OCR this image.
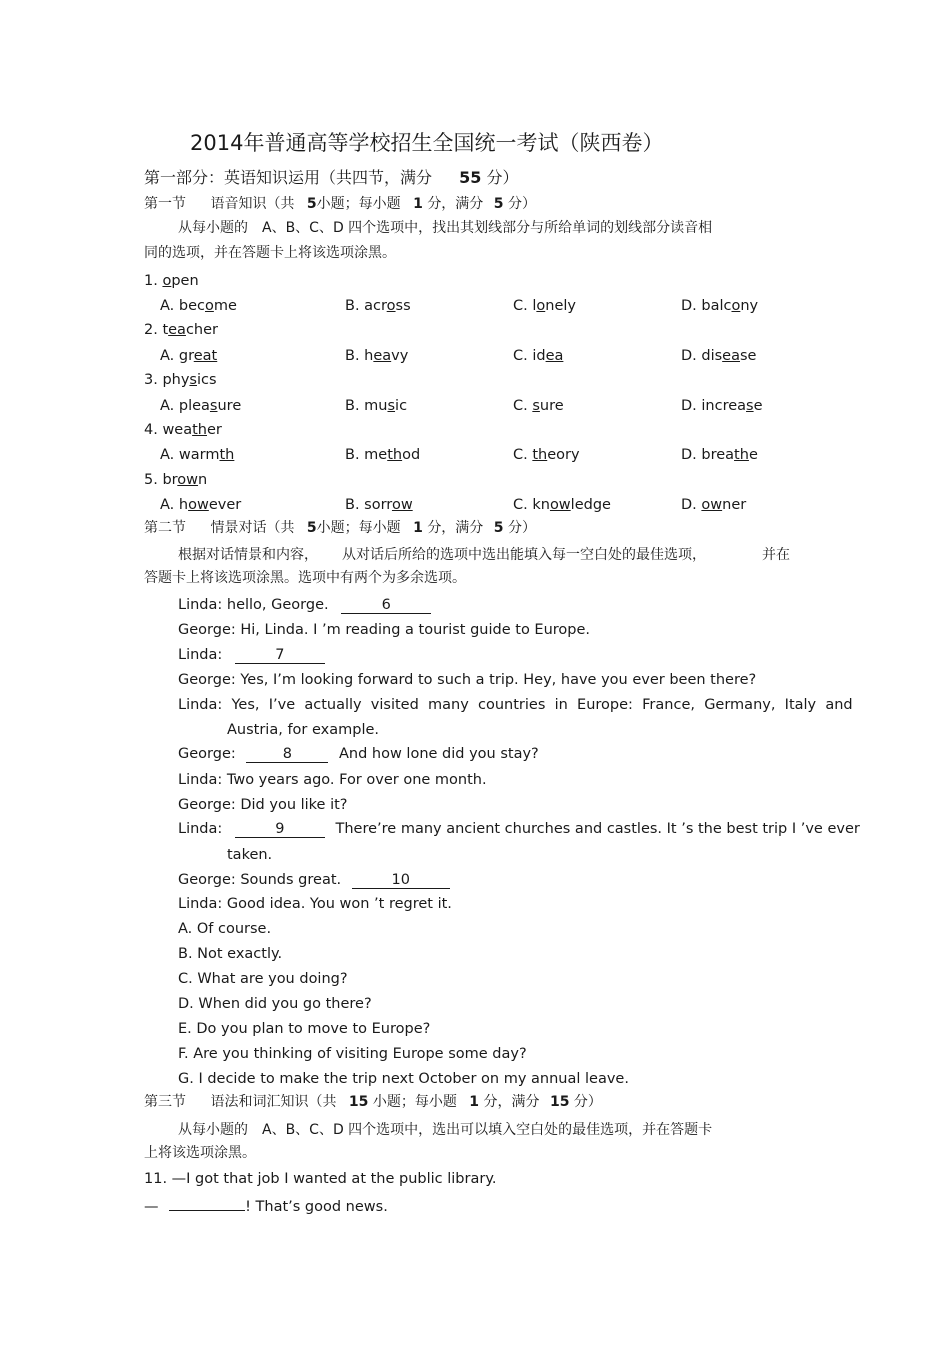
2014年普通高等学校招生全国统一考试（陕西卷）
第一部分：英语知识运用（共四节，满分 55 分）
第一节 语音知识（共 5小题；每小题 1 分，满分 5 分）
从每小题的　A、B、C、D 四个选项中，找出其划线部分与所给单词的划线部分读音相
同的选项，并在答题卡上将该选项涂黑。
1. open
A. become	B. across	C. lonely	D. balcony
2. teacher
A. great	B. heavy	C. idea	D. disease
3. physics
A. pleasure	B. music	C. sure	D. increase
4. weather
A. warmth	B. method	C. theory	D. breathe
5. brown
A. however	B. sorrow	C. knowledge	D. owner
第二节 情景对话（共 5小题；每小题 1 分，满分 5 分）
根据对话情景和内容， 从对话后所给的选项中选出能填入每一空白处的最佳选项，	并在
答题卡上将该选项涂黑。选项中有两个为多余选项。
Linda: hello, George.	6
George: Hi, Linda. I ’m reading a tourist guide to Europe.
Linda:	7
George: Yes, I’m looking forward to such a trip. Hey, have you ever been there?
Linda:  Yes,  I’ve  actually  visited  many  countries  in  Europe:  France,  Germany,  Italy  and
Austria, for example.
George:	8	And how lone did you stay?
Linda: Two years ago. For over one month.
George: Did you like it?
Linda:	9	There’re many ancient churches and castles. It ’s the best trip I ’ve ever
taken.
George: Sounds great.	10
Linda: Good idea. You won ’t regret it.
A. Of course.
B. Not exactly.
C. What are you doing?
D. When did you go there?
E. Do you plan to move to Europe?
F. Are you thinking of visiting Europe some day?
G. I decide to make the trip next October on my annual leave.
第三节 语法和词汇知识（共 15 小题；每小题 1 分，满分 15 分）
从每小题的　A、B、C、D 四个选项中，选出可以填入空白处的最佳选项，并在答题卡
上将该选项涂黑。
11. —I got that job I wanted at the public library.
—	! That’s good news.
